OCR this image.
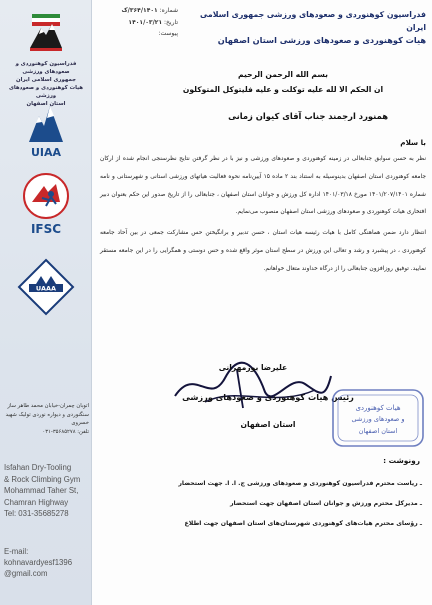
فدراسیون کوهنوردی و صعودهای ورزشی
جمهوری اسلامی ایران
هیات کوهنوردی و صعودهای ورزشی
استان اصفهان
UIAA
IFSC
UAAA
اتوبان چمران-خیابان محمد طاهر ساز سنگنوردی و دیواره نوردی تولیک شهید خسروی
تلفن: ۳۵۶۸۵۲۷۸-۰۳۱
Isfahan Dry-Tooling
& Rock Climbing Gym
Mohammad Taher St,
Chamran Highway
Tel: 031-35685278
E-mail:
kohnavardyesf1396
@gmail.com
شماره: ۳۶۴/۱۴۰۱/ک
تاریخ: ۱۴۰۱/۰۳/۲۱
پیوست:
فدراسیون کوهنوردی و صعودهای ورزشی جمهوری اسلامی ایران
هیات کوهنوردی و صعودهای ورزشی استان اصفهان
بسم الله الرحمن الرحیم
ان الحکم الا لله علیه توکلت و علیه فلیتوکل المتوکلون
همنورد ارجمند جناب آقای کیوان زمانی
با سلام

نظر به حسن سوابق جنابعالی در زمینه کوهنوردی و صعودهای ورزشی و نیز با در نظر گرفتن نتایج نظرسنجی انجام شده از ارکان جامعه کوهنوردی استان اصفهان بدینوسیله به استناد بند ۲ ماده ۱۵ آیین‌نامه نحوه فعالیت هیاتهای ورزشی استانی و شهرستانی و نامه شماره ۱۴۰۱/۲۰۷/۱۴۰۱ مورخ ۱۴۰۱/۰۳/۱۸ اداره کل ورزش و جوانان استان اصفهان ، جنابعالی را از تاریخ صدور این حکم بعنوان دبیر افتخاری هیات کوهنوردی و صعودهای ورزشی استان اصفهان منصوب می‌نمایم.

انتظار دارد ضمن هماهنگی کامل با هیات رئیسه هیات استان ، حسن تدبیر و برانگیختن حس مشارکت جمعی در بین آحاد جامعه کوهنوردی ، در پیشبرد و رشد و تعالی این ورزش در سطح استان موثر واقع شده و حس دوستی و همگرایی را در این جامعه مستقر نمایید. توفیق روزافزون جنابعالی را از درگاه خداوند متعال خواهانم.

علیرضا بوزمهرانی
رئیس هیات کوهنوردی و صعودهای ورزشی
استان اصفهان
هیات کوهنوردی
و صعودهای ورزشی
استان اصفهان
رونوشت :
ـ ریاست محترم فدراسیون کوهنوردی و صعودهای ورزشی ج. ا. ا. جهت استحضار
ـ مدیرکل محترم ورزش و جوانان استان اصفهان جهت استحضار
ـ رؤسای محترم هیات‌های کوهنوردی شهرستان‌های استان اصفهان جهت اطلاع
